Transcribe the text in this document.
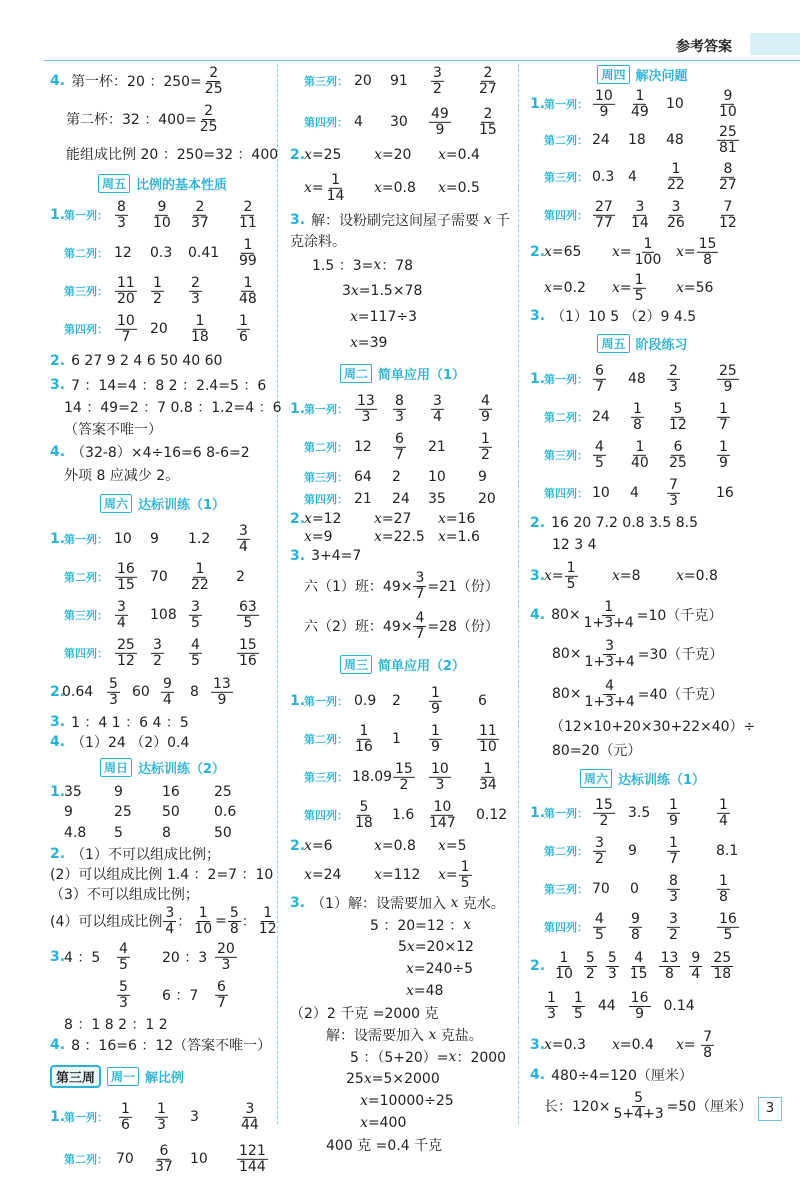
参考答案
3
4. 第一杯：20 ：$250= \frac{2}{25}$
第二杯：32 ：$400= \frac{2}{25}$
能组成比例 20 ：250=32 ：400
周五 比例的基本性质
1.
第一列： $\frac{8}{3} \frac{9}{10} \frac{2}{37} \frac{2}{11}$
第二列： 12 0.3 $0.41 \frac{1}{99}$
第三列： $\frac{11}{20} \frac{1}{2} \frac{2}{3}$	$\frac{1}{48}$
第四列： $\frac{10}{7} 20 \frac{1}{18} \frac{1}{6}$
2. 6 27 9 2 4 6 50 40 60
3. 7 ：14=4 ：8 2 ：2.4=5 ：6
14 ：49=2 ：7 0.8 ：1.2=4 ：6
（答案不唯一）
4. （32-8）×4÷16=6 8-6=2
外项 8 应减少 2。
周六 达标训练（1）
1.
第一列： 10 9 $1.2 \frac{3}{4}$
第二列： $\frac{16}{15} 70 \frac{1}{22} 2$
第三列： $\frac{3}{4} 108 \frac{3}{5}$	$\frac{63}{5}$
第四列： $\frac{25}{12} \frac{3}{2} \frac{4}{5}$	$\frac{15}{16}$
2.
$0.64 \frac{5}{3} 60 \frac{9}{4} 8 \frac{13}{9}$
3. 1 ：4 1 ：6 4 ：5
4. （1）24 （2）0.4
周日 达标训练（2）
1.
35 9	16 25
9	25 50 0.6
4.8 5	8	50
2. （1）不可以组成比例；
(2）可以组成比例 1.4 ：2=7 ：10
（3）不可以组成比例；
(4）可以组成比例 $\frac{3}{4}$ ： $\frac{1}{10} = \frac{5}{8}$ ： $\frac{1}{12}$
3.
4 ：$5 \frac{4}{5} 20$ ：$3 \frac{20}{3}$
$\frac{5}{3} 6$ ：$7 \frac{6}{7}$
8 ：1 8 2 ：1 2
4. 8 ：16=6 ：12（答案不唯一）
第三周	周一 解比例
1.
第一列： $\frac{1}{6} \frac{1}{3} 3$	$\frac{3}{44}$
第二列： $70 \frac{6}{37} 10 \frac{121}{144}$
第三列： 20 $91 \frac{3}{2} \frac{2}{27}$
第四列： 4 $30 \frac{49}{9} \frac{2}{15}$
2.
x=25 x=20 x=0.4
$x= \frac{1}{14} x=0.8$ x=0.5
3. 解：设粉刷完这间屋子需要
x
千
克涂料。
1.5 ：3= x ：78
3 x =1.5×78
x =117÷3
x =39
周二 简单应用（1）
1.
第一列： $\frac{13}{3} \frac{8}{3} \frac{3}{4}$	$\frac{4}{9}$
第二列： $12 \frac{6}{7} 21 \frac{1}{2}$
第三列： 64 2 10 9
第四列： 21 24 35 20
2.
x=12 x=27 x=16
x=9	x=22.5 x=1.6
3. 3+4=7
六（1）班：$49\times \frac{3}{7} =21$（份）
六（2）班：$49\times \frac{4}{7} =28$（份）
周三 简单应用（2）
1.
第一列： 0.9 $2 \frac{1}{9}$	6
第二列： $\frac{1}{16} 1 \frac{1}{9}$	$\frac{11}{10}$
第三列： $18.09 \frac{15}{2} \frac{10}{3} \frac{1}{34}$
第四列： $\frac{5}{18} 1.6 \frac{10}{147} 0.12$
2.
x=6	x=0.8 x=5
x=24 x=112 $x= \frac{1}{5}$
3. （1）解：设需要加入
x
克水。
5 ：20=12 ： x
5 x =20×12
x =240÷5
x =48
（2）2 千克 =2000 克
解：设需要加入
x
克盐。
5 ：（5+20）= x ：2000
25 x =5×2000
x =10000÷25
x =400
400 克 =0.4 千克
周四 解决问题
1.
第一列： $\frac{10}{9} \frac{1}{49} 10 \frac{9}{10}$
第二列： 24 18 $48 \frac{25}{81}$
第三列： 0.3 $4 \frac{1}{22} \frac{8}{27}$
第四列： $\frac{27}{77} \frac{3}{14} \frac{3}{26} \frac{7}{12}$
2.
x=65 $x= \frac{1}{100} x= \frac{15}{8}$
x=0.2 $x= \frac{1}{5} x=56$
3. （1）10 5 （2）9 4.5
周五 阶段练习
1.
第一列： $\frac{6}{7} 48 \frac{2}{3}$	$\frac{25}{9}$
第二列： $24 \frac{1}{8} \frac{5}{12} \frac{1}{7}$
第三列： $\frac{4}{5} \frac{1}{40} \frac{6}{25} \frac{1}{9}$
第四列： 10 $4 \frac{7}{3}$	16
2. 16 20 7.2 0.8 3.5 8.5
12 3 4
3.
$x= \frac{1}{5} x=8$	x=0.8
4. $80\times \frac{1}{1+3+4} =10$（千克）
$80\times \frac{3}{1+3+4} =30$（千克）
$80\times \frac{4}{1+3+4} =40$（千克）
（12×10+20×30+22×40）÷
80=20（元）
周六 达标训练（1）
1.
第一列： $\frac{15}{2} 3.5 \frac{1}{9}$	$\frac{1}{4}$
第二列： $\frac{3}{2} 9 \frac{1}{7}$	8.1
第三列： 70 $0 \frac{8}{3}$	$\frac{1}{8}$
第四列： $\frac{4}{5} \frac{9}{8} \frac{3}{2}$	$\frac{16}{5}$
2. $\frac{1}{10} \frac{5}{2} \frac{5}{3} \frac{4}{15} \frac{13}{8} \frac{9}{4} \frac{25}{18}$
$\frac{1}{3} \frac{1}{5} 44 \frac{16}{9} 0.14$
3.
x=0.3 x=0.4 $x= \frac{7}{8}$
4. 480÷4=120（厘米）
长：$120\times \frac{5}{5+4+3} =50$（厘米）
